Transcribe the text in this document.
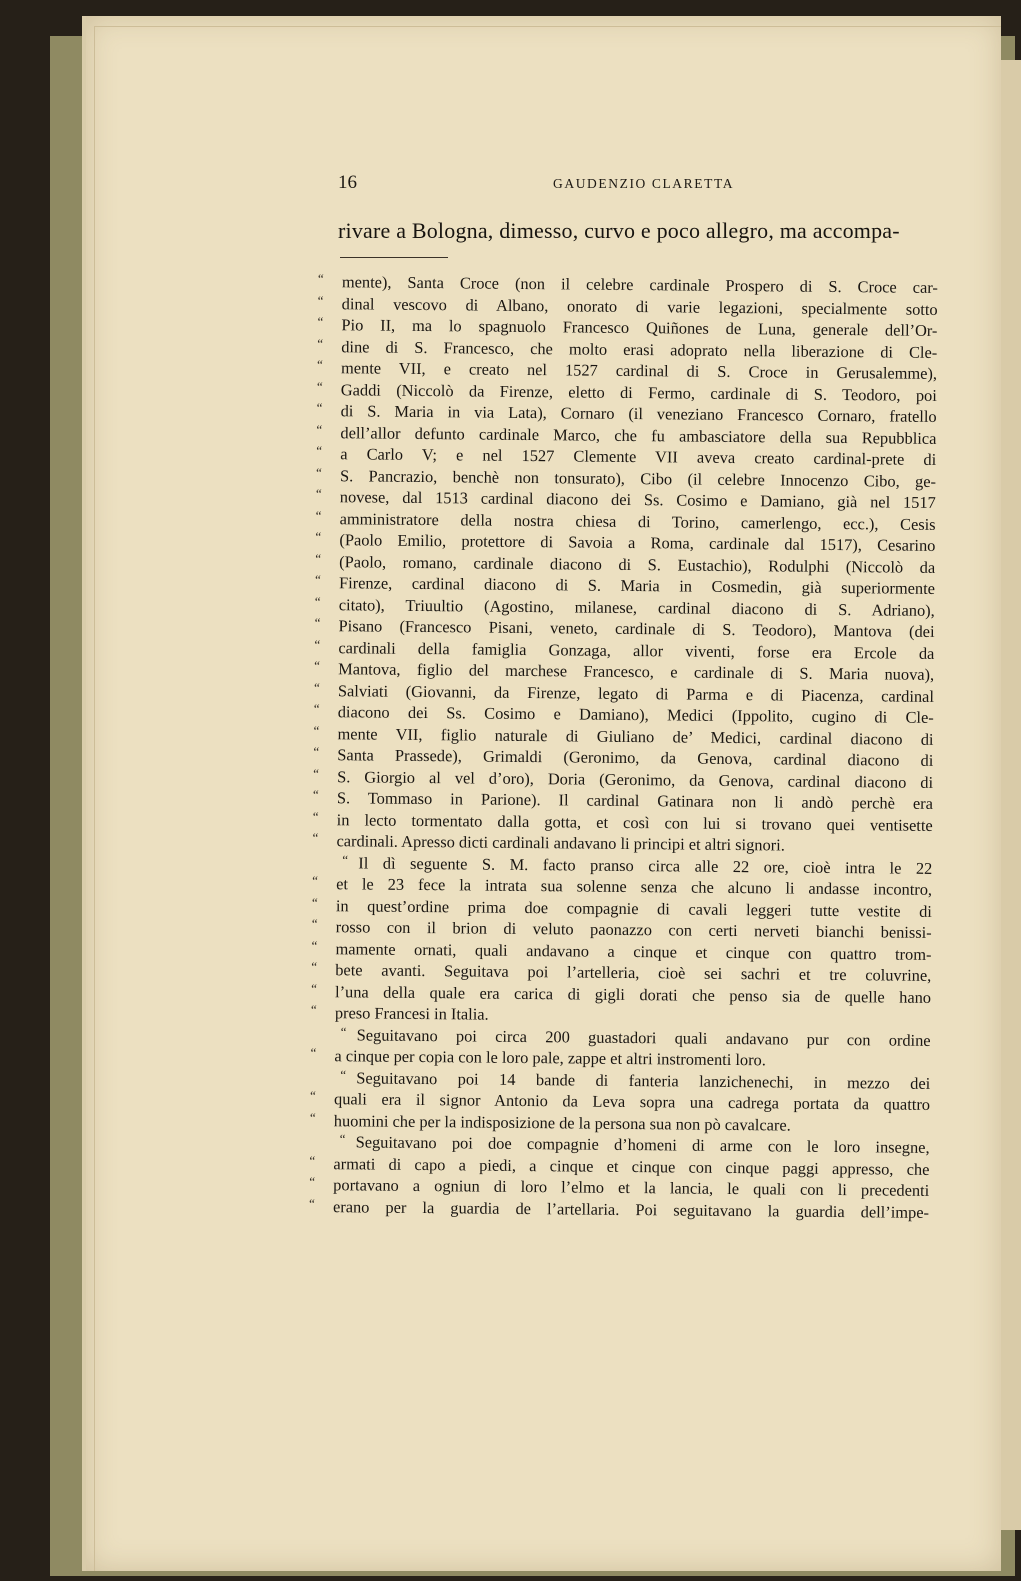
16	GAUDENZIO CLARETTA
rivare a Bologna, dimesso, curvo e poco allegro, ma accompa-
“ mente), Santa Croce (non il celebre cardinale Prospero di S. Croce car-
“ dinal vescovo di Albano, onorato di varie legazioni, specialmente sotto
“ Pio II, ma lo spagnuolo Francesco Quiñones de Luna, generale dell’Or-
“ dine di S. Francesco, che molto erasi adoprato nella liberazione di Cle-
“ mente VII, e creato nel 1527 cardinal di S. Croce in Gerusalemme),
“ Gaddi (Niccolò da Firenze, eletto di Fermo, cardinale di S. Teodoro, poi
“ di S. Maria in via Lata), Cornaro (il veneziano Francesco Cornaro, fratello
“ dell’allor defunto cardinale Marco, che fu ambasciatore della sua Repubblica
“ a Carlo V; e nel 1527 Clemente VII aveva creato cardinal-prete di
“ S. Pancrazio, benchè non tonsurato), Cibo (il celebre Innocenzo Cibo, ge-
“ novese, dal 1513 cardinal diacono dei Ss. Cosimo e Damiano, già nel 1517
“ amministratore della nostra chiesa di Torino, camerlengo, ecc.), Cesis
“ (Paolo Emilio, protettore di Savoia a Roma, cardinale dal 1517), Cesarino
“ (Paolo, romano, cardinale diacono di S. Eustachio), Rodulphi (Niccolò da
“ Firenze, cardinal diacono di S. Maria in Cosmedin, già superiormente
“ citato), Triuultio (Agostino, milanese, cardinal diacono di S. Adriano),
“ Pisano (Francesco Pisani, veneto, cardinale di S. Teodoro), Mantova (dei
“ cardinali della famiglia Gonzaga, allor viventi, forse era Ercole da
“ Mantova, figlio del marchese Francesco, e cardinale di S. Maria nuova),
“ Salviati (Giovanni, da Firenze, legato di Parma e di Piacenza, cardinal
“ diacono dei Ss. Cosimo e Damiano), Medici (Ippolito, cugino di Cle-
“ mente VII, figlio naturale di Giuliano de’ Medici, cardinal diacono di
“ Santa Prassede), Grimaldi (Geronimo, da Genova, cardinal diacono di
“ S. Giorgio al vel d’oro), Doria (Geronimo, da Genova, cardinal diacono di
“ S. Tommaso in Parione). Il cardinal Gatinara non li andò perchè era
“ in lecto tormentato dalla gotta, et così con lui si trovano quei ventisette
“ cardinali. Apresso dicti cardinali andavano li principi et altri signori.
“ Il dì seguente S. M. facto pranso circa alle 22 ore, cioè intra le 22
“ et le 23 fece la intrata sua solenne senza che alcuno li andasse incontro,
“ in quest’ordine prima doe compagnie di cavali leggeri tutte vestite di
“ rosso con il brion di veluto paonazzo con certi nerveti bianchi benissi-
“ mamente ornati, quali andavano a cinque et cinque con quattro trom-
“ bete avanti. Seguitava poi l’artelleria, cioè sei sachri et tre coluvrine,
“ l’una della quale era carica di gigli dorati che penso sia de quelle hano
“ preso Francesi in Italia.
“ Seguitavano poi circa 200 guastadori quali andavano pur con ordine
“ a cinque per copia con le loro pale, zappe et altri instromenti loro.
“ Seguitavano poi 14 bande di fanteria lanzichenechi, in mezzo dei
“ quali era il signor Antonio da Leva sopra una cadrega portata da quattro
“ huomini che per la indisposizione de la persona sua non pò cavalcare.
“ Seguitavano poi doe compagnie d’homeni di arme con le loro insegne,
“ armati di capo a piedi, a cinque et cinque con cinque paggi appresso, che
“ portavano a ogniun di loro l’elmo et la lancia, le quali con li precedenti
“ erano per la guardia de l’artellaria. Poi seguitavano la guardia dell’impe-
